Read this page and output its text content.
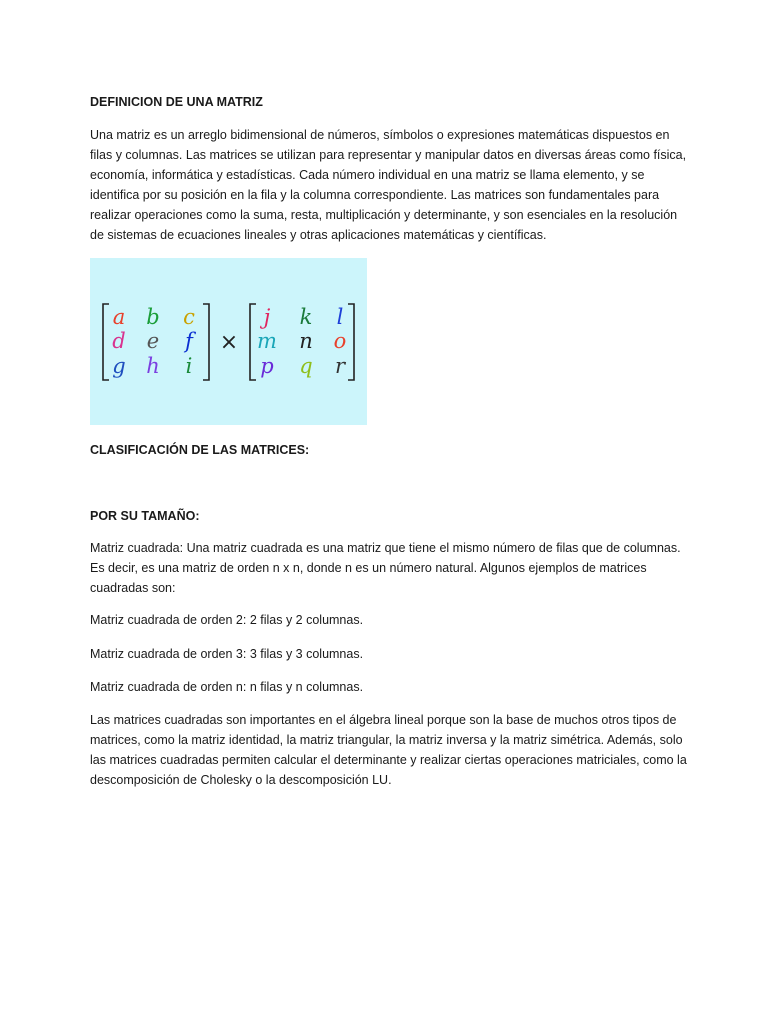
DEFINICION DE UNA MATRIZ

Una matriz es un arreglo bidimensional de números, símbolos o expresiones matemáticas dispuestos en filas y columnas. Las matrices se utilizan para representar y manipular datos en diversas áreas como física, economía, informática y estadísticas. Cada número individual en una matriz se llama elemento, y se identifica por su posición en la fila y la columna correspondiente. Las matrices son fundamentales para realizar operaciones como la suma, resta, multiplicación y determinante, y son esenciales en la resolución de sistemas de ecuaciones lineales y otras aplicaciones matemáticas y científicas.

×
a b c
d e f
g h i
j k l
m n o
p q r

CLASIFICACIÓN DE LAS MATRICES:

POR SU TAMAÑO:

Matriz cuadrada: Una matriz cuadrada es una matriz que tiene el mismo número de filas que de columnas. Es decir, es una matriz de orden n x n, donde n es un número natural. Algunos ejemplos de matrices cuadradas son:

Matriz cuadrada de orden 2: 2 filas y 2 columnas.

Matriz cuadrada de orden 3: 3 filas y 3 columnas.

Matriz cuadrada de orden n: n filas y n columnas.

Las matrices cuadradas son importantes en el álgebra lineal porque son la base de muchos otros tipos de matrices, como la matriz identidad, la matriz triangular, la matriz inversa y la matriz simétrica. Además, solo las matrices cuadradas permiten calcular el determinante y realizar ciertas operaciones matriciales, como la descomposición de Cholesky o la descomposición LU.
